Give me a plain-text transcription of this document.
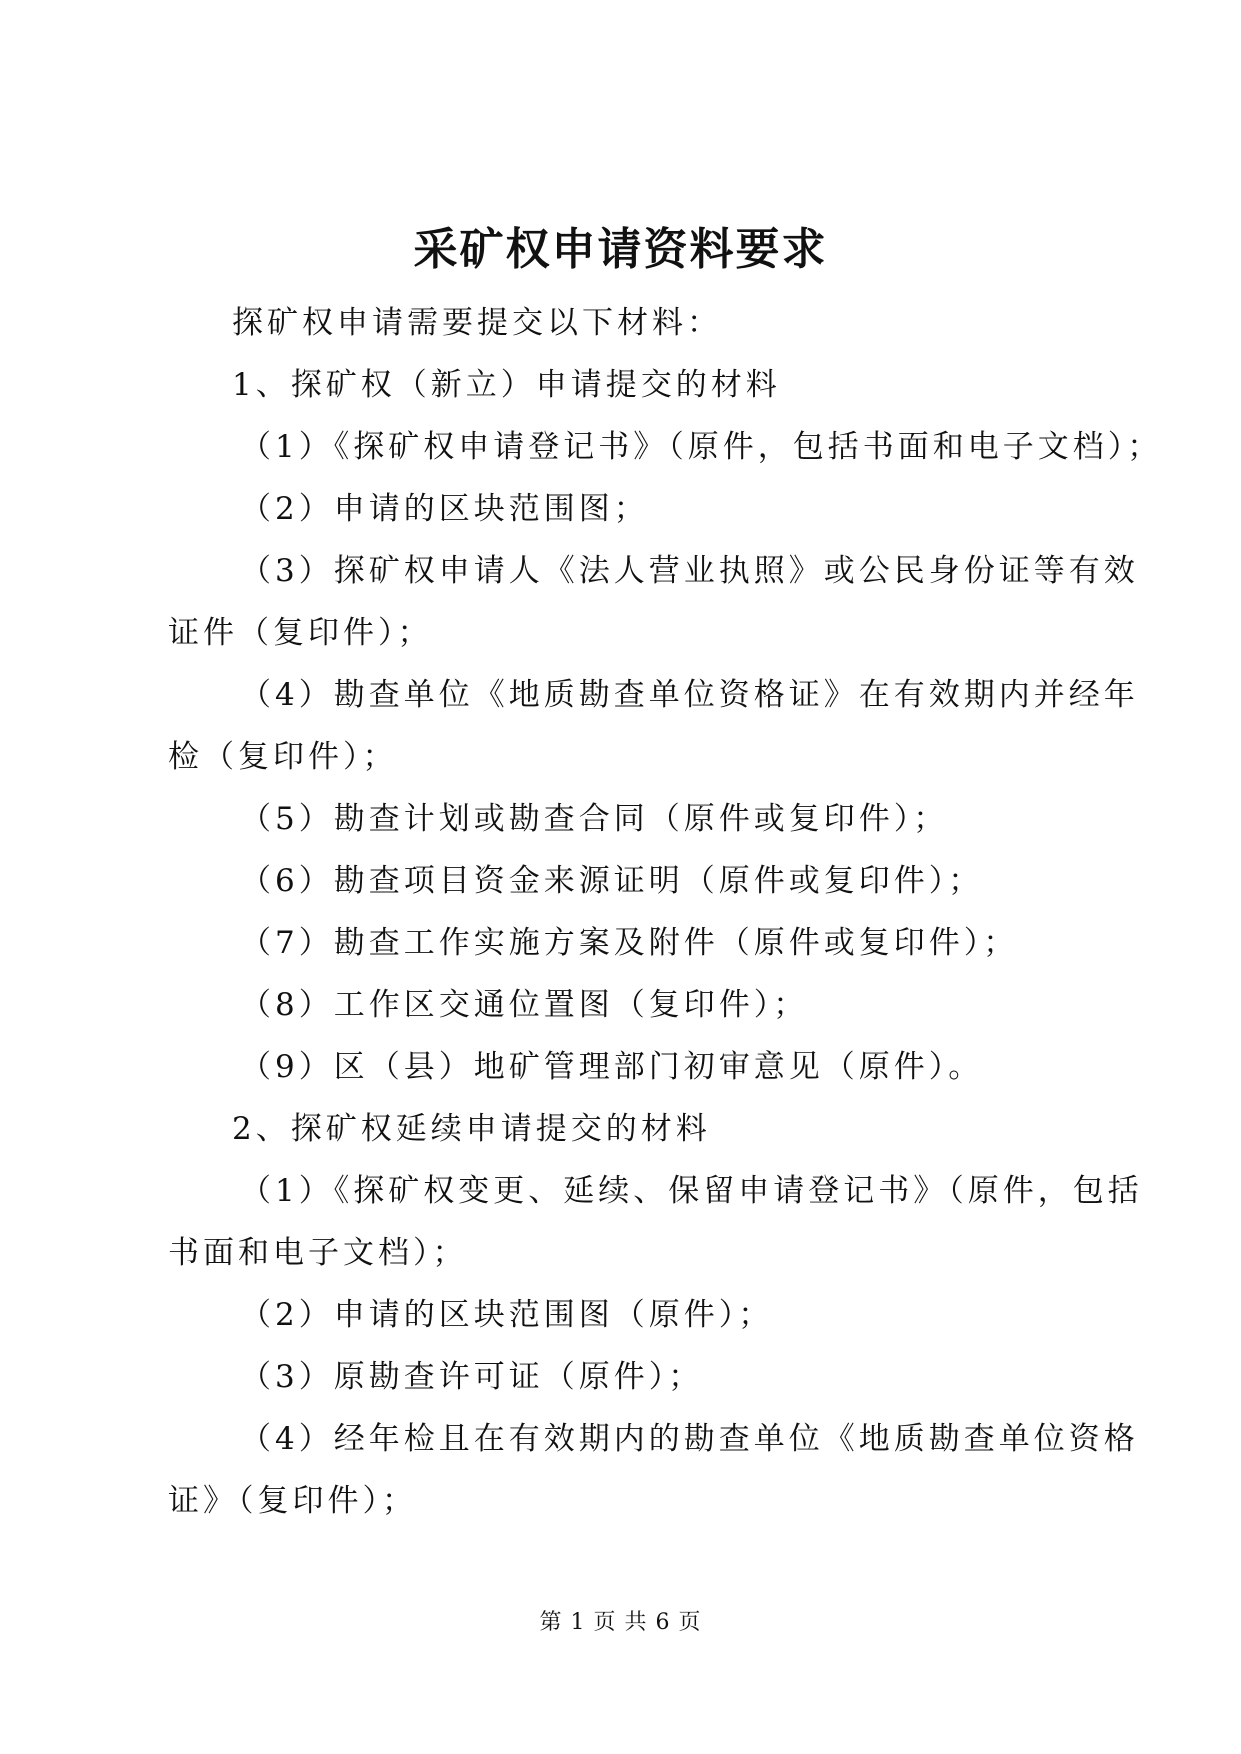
采矿权申请资料要求

探矿权申请需要提交以下材料：

1、探矿权（新立）申请提交的材料

（1）《探矿权申请登记书》（原件，包括书面和电子文档）；

（2）申请的区块范围图；

（3）探矿权申请人《法人营业执照》或公民身份证等有效

证件（复印件）；

（4）勘查单位《地质勘查单位资格证》在有效期内并经年

检（复印件）；

（5）勘查计划或勘查合同（原件或复印件）；

（6）勘查项目资金来源证明（原件或复印件）；

（7）勘查工作实施方案及附件（原件或复印件）；

（8）工作区交通位置图（复印件）；

（9）区（县）地矿管理部门初审意见（原件）。

2、探矿权延续申请提交的材料

（1）《探矿权变更、延续、保留申请登记书》（原件，包括

书面和电子文档）；

（2）申请的区块范围图（原件）；

（3）原勘查许可证（原件）；

（4）经年检且在有效期内的勘查单位《地质勘查单位资格

证》（复印件）；

第 1 页 共 6 页
